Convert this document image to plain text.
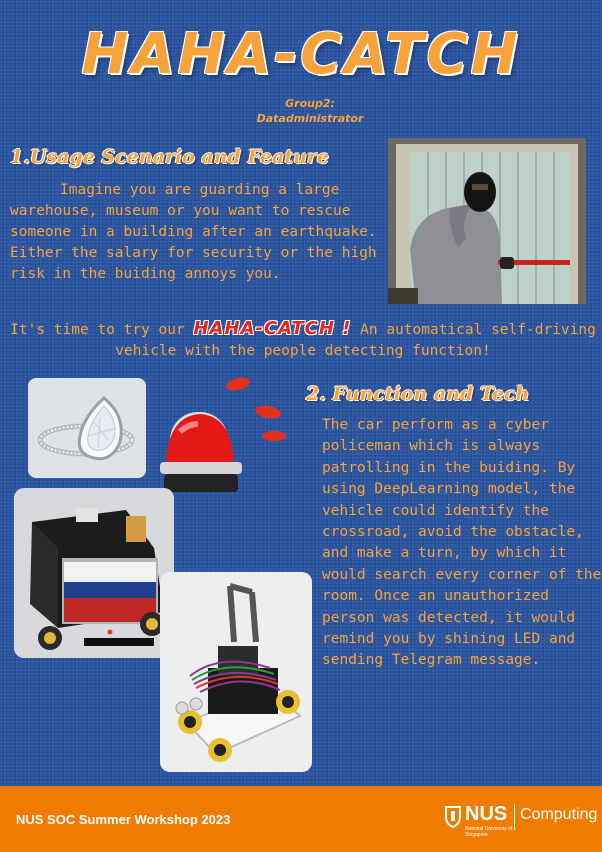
HAHA-CATCH
Group2:
Datadministrator
1.Usage Scenario and Feature
Imagine you are guarding a large warehouse, museum or you want to rescue someone in a building after an earthquake. Either the salary for security or the high risk in the buiding annoys you.
It's time to try our HAHA-CATCH ! An automatical self-driving vehicle with the people detecting function!
2. Function and Tech
The car perform as a cyber policeman which is always patrolling in the buiding. By using DeepLearning model, the vehicle could identify the crossroad, avoid the obstacle, and make a turn, by which it would search every corner of the room. Once an unauthorized person was detected, it would remind you by shining LED and sending Telegram message.
NUS SOC Summer Workshop 2023	NUS
National University of Singapore
Computing
